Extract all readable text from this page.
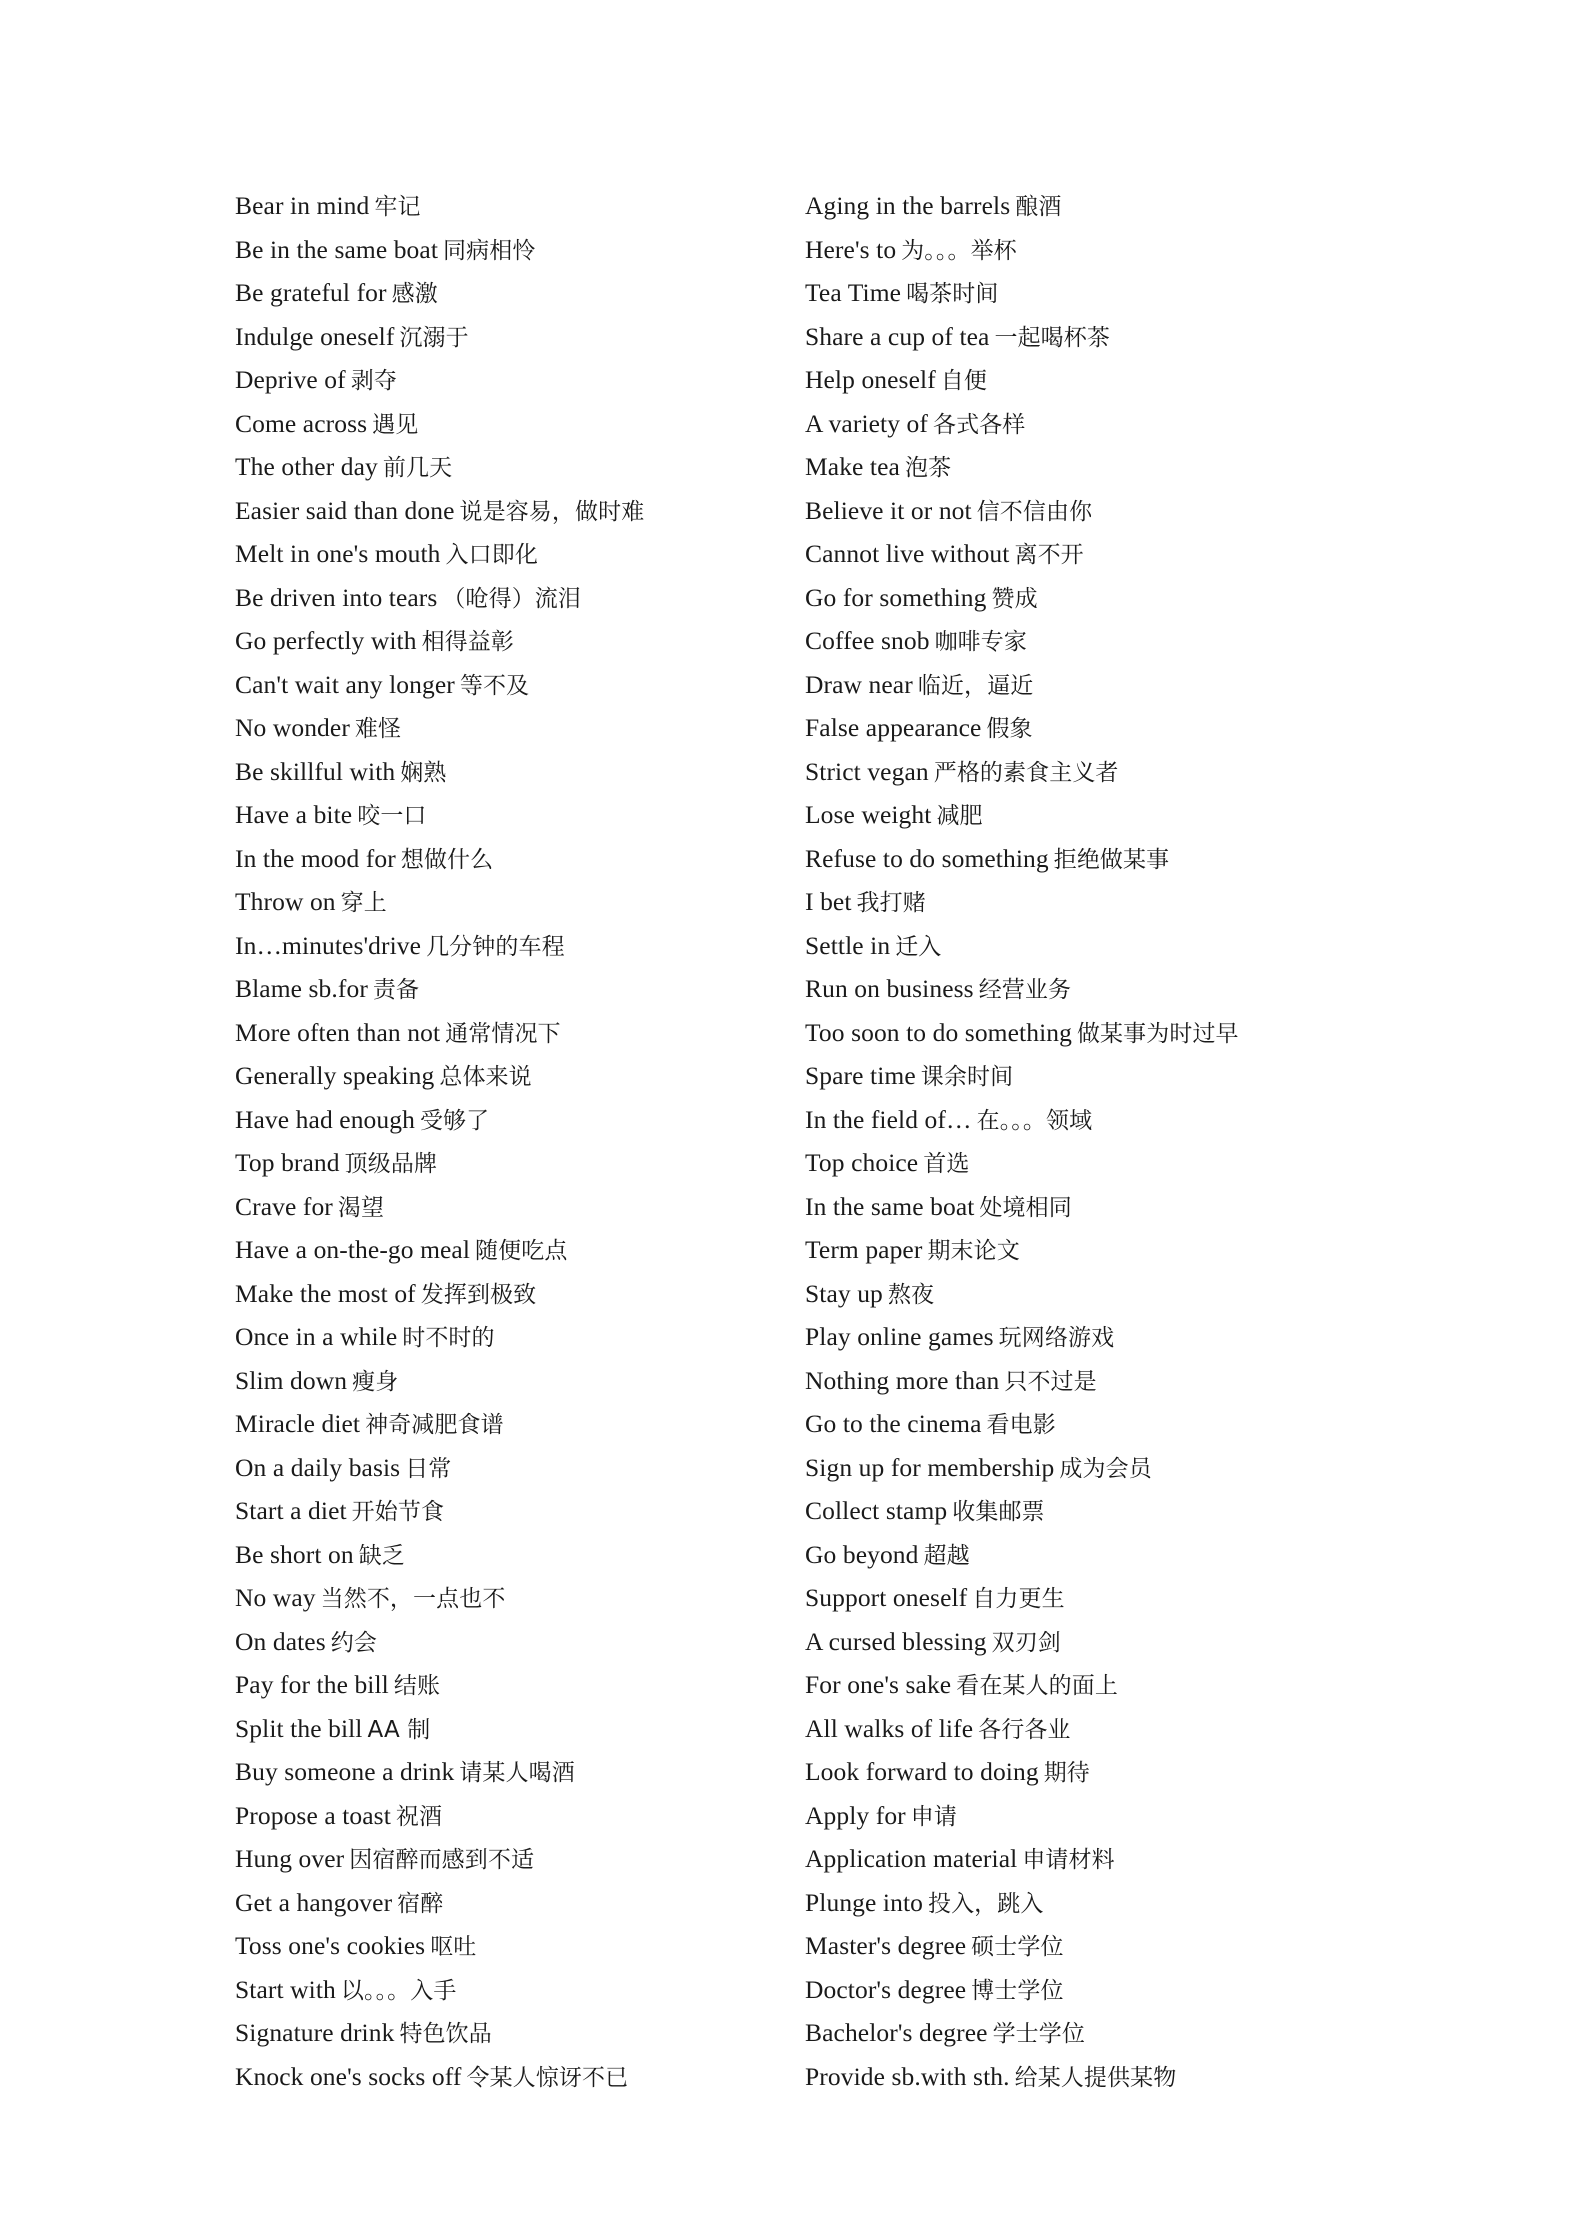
Bear in mind 牢记
Be in the same boat 同病相怜
Be grateful for 感激
Indulge oneself 沉溺于
Deprive of 剥夺
Come across 遇见
The other day 前几天
Easier said than done 说是容易，做时难
Melt in one's mouth 入口即化
Be driven into tears （呛得）流泪
Go perfectly with 相得益彰
Can't wait any longer 等不及
No wonder 难怪
Be skillful with 娴熟
Have a bite 咬一口
In the mood for 想做什么
Throw on 穿上
In…minutes'drive 几分钟的车程
Blame sb.for 责备
More often than not 通常情况下
Generally speaking 总体来说
Have had enough 受够了
Top brand 顶级品牌
Crave for 渴望
Have a on-the-go meal 随便吃点
Make the most of 发挥到极致
Once in a while 时不时的
Slim down 瘦身
Miracle diet 神奇减肥食谱
On a daily basis 日常
Start a diet 开始节食
Be short on 缺乏
No way 当然不，一点也不
On dates 约会
Pay for the bill 结账
Split the bill AA 制
Buy someone a drink 请某人喝酒
Propose a toast 祝酒
Hung over 因宿醉而感到不适
Get a hangover 宿醉
Toss one's cookies 呕吐
Start with 以。。。入手
Signature drink 特色饮品
Knock one's socks off 令某人惊讶不已
Aging in the barrels 酿酒
Here's to 为。。。举杯
Tea Time 喝茶时间
Share a cup of tea 一起喝杯茶
Help oneself 自便
A variety of 各式各样
Make tea 泡茶
Believe it or not 信不信由你
Cannot live without 离不开
Go for something 赞成
Coffee snob 咖啡专家
Draw near 临近，逼近
False appearance 假象
Strict vegan 严格的素食主义者
Lose weight 减肥
Refuse to do something 拒绝做某事
I bet 我打赌
Settle in 迁入
Run on business 经营业务
Too soon to do something 做某事为时过早
Spare time 课余时间
In the field of… 在。。。领域
Top choice 首选
In the same boat 处境相同
Term paper 期末论文
Stay up 熬夜
Play online games 玩网络游戏
Nothing more than 只不过是
Go to the cinema 看电影
Sign up for membership 成为会员
Collect stamp 收集邮票
Go beyond 超越
Support oneself 自力更生
A cursed blessing 双刃剑
For one's sake 看在某人的面上
All walks of life 各行各业
Look forward to doing 期待
Apply for 申请
Application material 申请材料
Plunge into 投入，跳入
Master's degree 硕士学位
Doctor's degree 博士学位
Bachelor's degree 学士学位
Provide sb.with sth. 给某人提供某物
